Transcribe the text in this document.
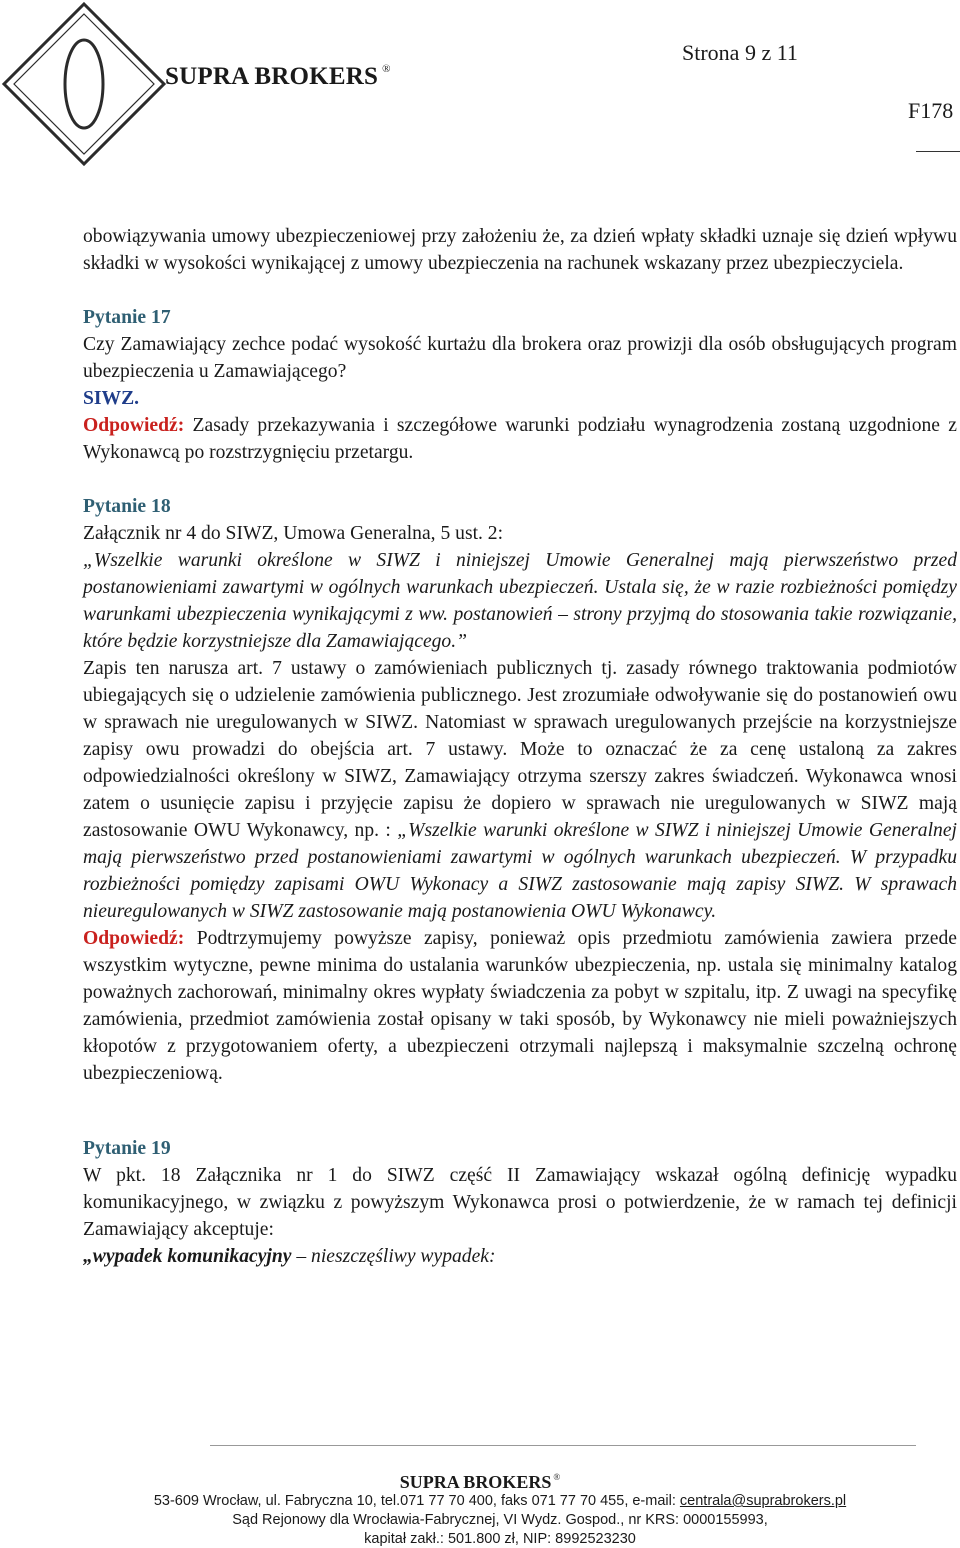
SUPRA BROKERS ®
Strona 9 z 11
F178

obowiązywania umowy ubezpieczeniowej przy założeniu że, za dzień wpłaty składki uznaje się dzień wpływu składki w wysokości wynikającej z umowy ubezpieczenia na rachunek wskazany przez ubezpieczyciela.

Pytanie 17

Czy Zamawiający zechce podać wysokość kurtażu dla brokera oraz prowizji dla osób obsługujących program ubezpieczenia u Zamawiającego?

SIWZ.

Odpowiedź: Zasady przekazywania i szczegółowe warunki podziału wynagrodzenia zostaną uzgodnione z Wykonawcą po rozstrzygnięciu przetargu.

Pytanie 18

Załącznik nr 4 do SIWZ, Umowa Generalna, 5 ust. 2:

„Wszelkie warunki określone w SIWZ i niniejszej Umowie Generalnej mają pierwszeństwo przed postanowieniami zawartymi w ogólnych warunkach ubezpieczeń. Ustala się, że w razie rozbieżności pomiędzy warunkami ubezpieczenia wynikającymi z ww. postanowień – strony przyjmą do stosowania takie rozwiązanie, które będzie korzystniejsze dla Zamawiającego.”

Zapis ten narusza art. 7 ustawy o zamówieniach publicznych tj. zasady równego traktowania podmiotów ubiegających się o udzielenie zamówienia publicznego. Jest zrozumiałe odwoływanie się do postanowień owu w sprawach nie uregulowanych w SIWZ. Natomiast w sprawach uregulowanych przejście na korzystniejsze zapisy owu prowadzi do obejścia art. 7 ustawy. Może to oznaczać że za cenę ustaloną za zakres odpowiedzialności określony w SIWZ, Zamawiający otrzyma szerszy zakres świadczeń. Wykonawca wnosi zatem o usunięcie zapisu i przyjęcie zapisu że dopiero w sprawach nie uregulowanych w SIWZ mają zastosowanie OWU Wykonawcy, np. : „Wszelkie warunki określone w SIWZ i niniejszej Umowie Generalnej mają pierwszeństwo przed postanowieniami zawartymi w ogólnych warunkach ubezpieczeń. W przypadku rozbieżności pomiędzy zapisami OWU Wykonacy a SIWZ zastosowanie mają zapisy SIWZ. W sprawach nieuregulowanych w SIWZ zastosowanie mają postanowienia OWU Wykonawcy.

Odpowiedź: Podtrzymujemy powyższe zapisy, ponieważ opis przedmiotu zamówienia zawiera przede wszystkim wytyczne, pewne minima do ustalania warunków ubezpieczenia, np. ustala się minimalny katalog poważnych zachorowań, minimalny okres wypłaty świadczenia za pobyt w szpitalu, itp. Z uwagi na specyfikę zamówienia, przedmiot zamówienia został opisany w taki sposób, by Wykonawcy nie mieli poważniejszych kłopotów z przygotowaniem oferty, a ubezpieczeni otrzymali najlepszą i maksymalnie szczelną ochronę ubezpieczeniową.

Pytanie 19

W pkt. 18 Załącznika nr 1 do SIWZ część II Zamawiający wskazał ogólną definicję wypadku komunikacyjnego, w związku z powyższym Wykonawca prosi o potwierdzenie, że w ramach tej definicji Zamawiający akceptuje:

„wypadek komunikacyjny – nieszczęśliwy wypadek:

SUPRA BROKERS ®
53-609 Wrocław, ul. Fabryczna 10, tel.071 77 70 400, faks 071 77 70 455, e-mail: centrala@suprabrokers.pl
Sąd Rejonowy dla Wrocławia-Fabrycznej, VI Wydz. Gospod., nr KRS: 0000155993,
kapitał zakł.: 501.800 zł, NIP: 8992523230
